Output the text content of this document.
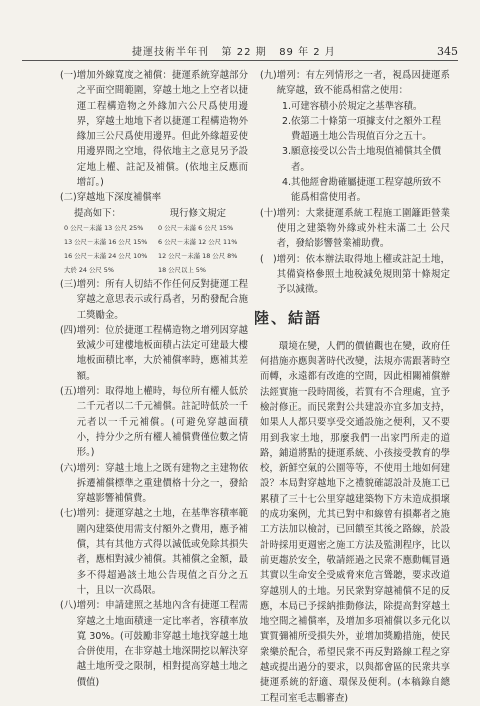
捷運技術半年刊 第 22 期 89 年 2 月	345
(一) 增加外線寬度之補償：捷運系統穿越部分之平面空間範圍，穿越土地之上空者以捷運工程構造物之外緣加六公尺爲使用邊界，穿越土地地下者以捷運工程構造物外緣加三公尺爲使用邊界。但此外緣超妥使用邊界間之空地，得依地主之意見另予設定地上權、註記及補償。(依地主反應而增訂。)
(二) 穿越地下深度補償率
提高如下：	現行修文規定
0 公尺－未滿 13 公尺 25%	0 公尺－未滿 6 公尺 15%
13 公尺－未滿 16 公尺 15%	6 公尺－未滿 12 公尺 11%
16 公尺－未滿 24 公尺 10%	12 公尺－未滿 18 公尺 8%
大於 24 公尺 5%	18 公尺以上 5%
(三) 增列：所有人切結不作任何反對捷運工程穿越之意思表示或行爲者，另酌發配合施工獎勵金。
(四) 增列：位於捷運工程構造物之增列因穿越致減少可建樓地板面積占法定可建最大樓地板面積比率，大於補償率時，應補其差額。
(五) 增列：取得地上權時，每位所有權人低於二千元者以二千元補償。註記時低於一千元者以一千元補償。(可避免穿越面積小，持分少之所有權人補償費僅位數之情形。)
(六) 增列：穿越土地上之既有建物之主建物依拆遷補償標準之重建價格十分之一，發給穿越影響補償費。
(七) 增列：捷運穿越之土地，在基準容積率範圍內建築使用需支付額外之費用，應予補償，其有其他方式得以減低或免除其損失者，應相對減少補償。其補償之金額，最多不得超過該土地公告現值之百分之五十，且以一次爲限。
(八) 增列：申請建照之基地內含有捷運工程需穿越之土地面積達一定比率者，容積率放寬 30%。(可鼓勵非穿越土地找穿越土地合併使用，在非穿越土地深開挖以解決穿越土地所受之限制，相對提高穿越土地之價值)
(九) 增列：有左列情形之一者，視爲因捷運系統穿越，致不能爲相當之使用：
1. 可建容積小於規定之基準容積。
2. 依第二十條第一項據支付之額外工程費超過土地公告現值百分之五十。
3. 願意接受以公告土地現值補償其全價者。
4. 其他經會勘確屬捷運工程穿越所致不能爲相當使用者。
(十) 增列：大衆捷運系統工程施工圍籬距營業使用之建築物外緣或外柱未滿二土 公尺者，發給影響營業補助費。
(　) 增列：依本辦法取得地上權或註記土地，其備資格參照土地稅減免規則第十條規定予以減徵。
陸、結語
環境在變，人們的價値觀也在變，政府任何措施亦應與著時代改變，法規亦需跟著時空而轉，永遠都有改進的空間，因此相關補償辦法經實施一段時間後，若質有不合理處，宜予檢討修正。而民衆對公共建設亦宜多加支持，如果人人都只要享受交通設施之便利，又不要用到我家土地，那麼我們一出家門所走的道路，鋪道將點的捷運系統、小孩接受教育的學校，新鮮空氣的公園等等，不使用土地如何建設？本局對穿越地下之禮貌確認設計及施工已累積了三十七公里穿越建築物下方未造成損壞的成功案例，尤其已對中和線曾有損鄰者之施工方法加以檢討，已回饋至其後之路線，於設計時採用更週密之施工方法及監測程序，比以前更趨於安全，敬請經過之民衆不應動輒冒過其實以生命安全受威脅來危言聳聽，要求改道穿越別人的土地。另民衆對穿越補償不足的反應，本局已予採納推動修法，除提高對穿越土地空間之補償率，及增加多項補償以多元化以實質彌補所受損失外，並增加獎勵措施，使民衆樂於配合，希望民衆不再反對路線工程之穿越或提出過分的要求，以與都會區的民衆共享捷運系統的舒適、環保及便利。(本稿錄自總工程司室毛志鵬審查)
